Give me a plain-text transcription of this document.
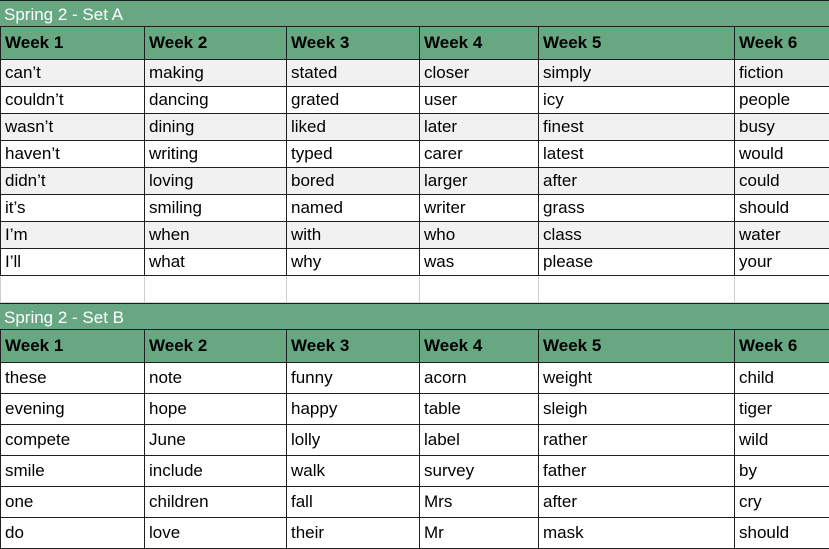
Spring 2 - Set A
Week 1	Week 2	Week 3	Week 4	Week 5	Week 6
can’t	making	stated	closer	simply	fiction
couldn’t	dancing	grated	user	icy	people
wasn’t	dining	liked	later	finest	busy
haven’t	writing	typed	carer	latest	would
didn’t	loving	bored	larger	after	could
it’s	smiling	named	writer	grass	should
I’m	when	with	who	class	water
I’ll	what	why	was	please	your

Spring 2 - Set B
Week 1	Week 2	Week 3	Week 4	Week 5	Week 6
these	note	funny	acorn	weight	child
evening	hope	happy	table	sleigh	tiger
compete	June	lolly	label	rather	wild
smile	include	walk	survey	father	by
one	children	fall	Mrs	after	cry
do	love	their	Mr	mask	should
